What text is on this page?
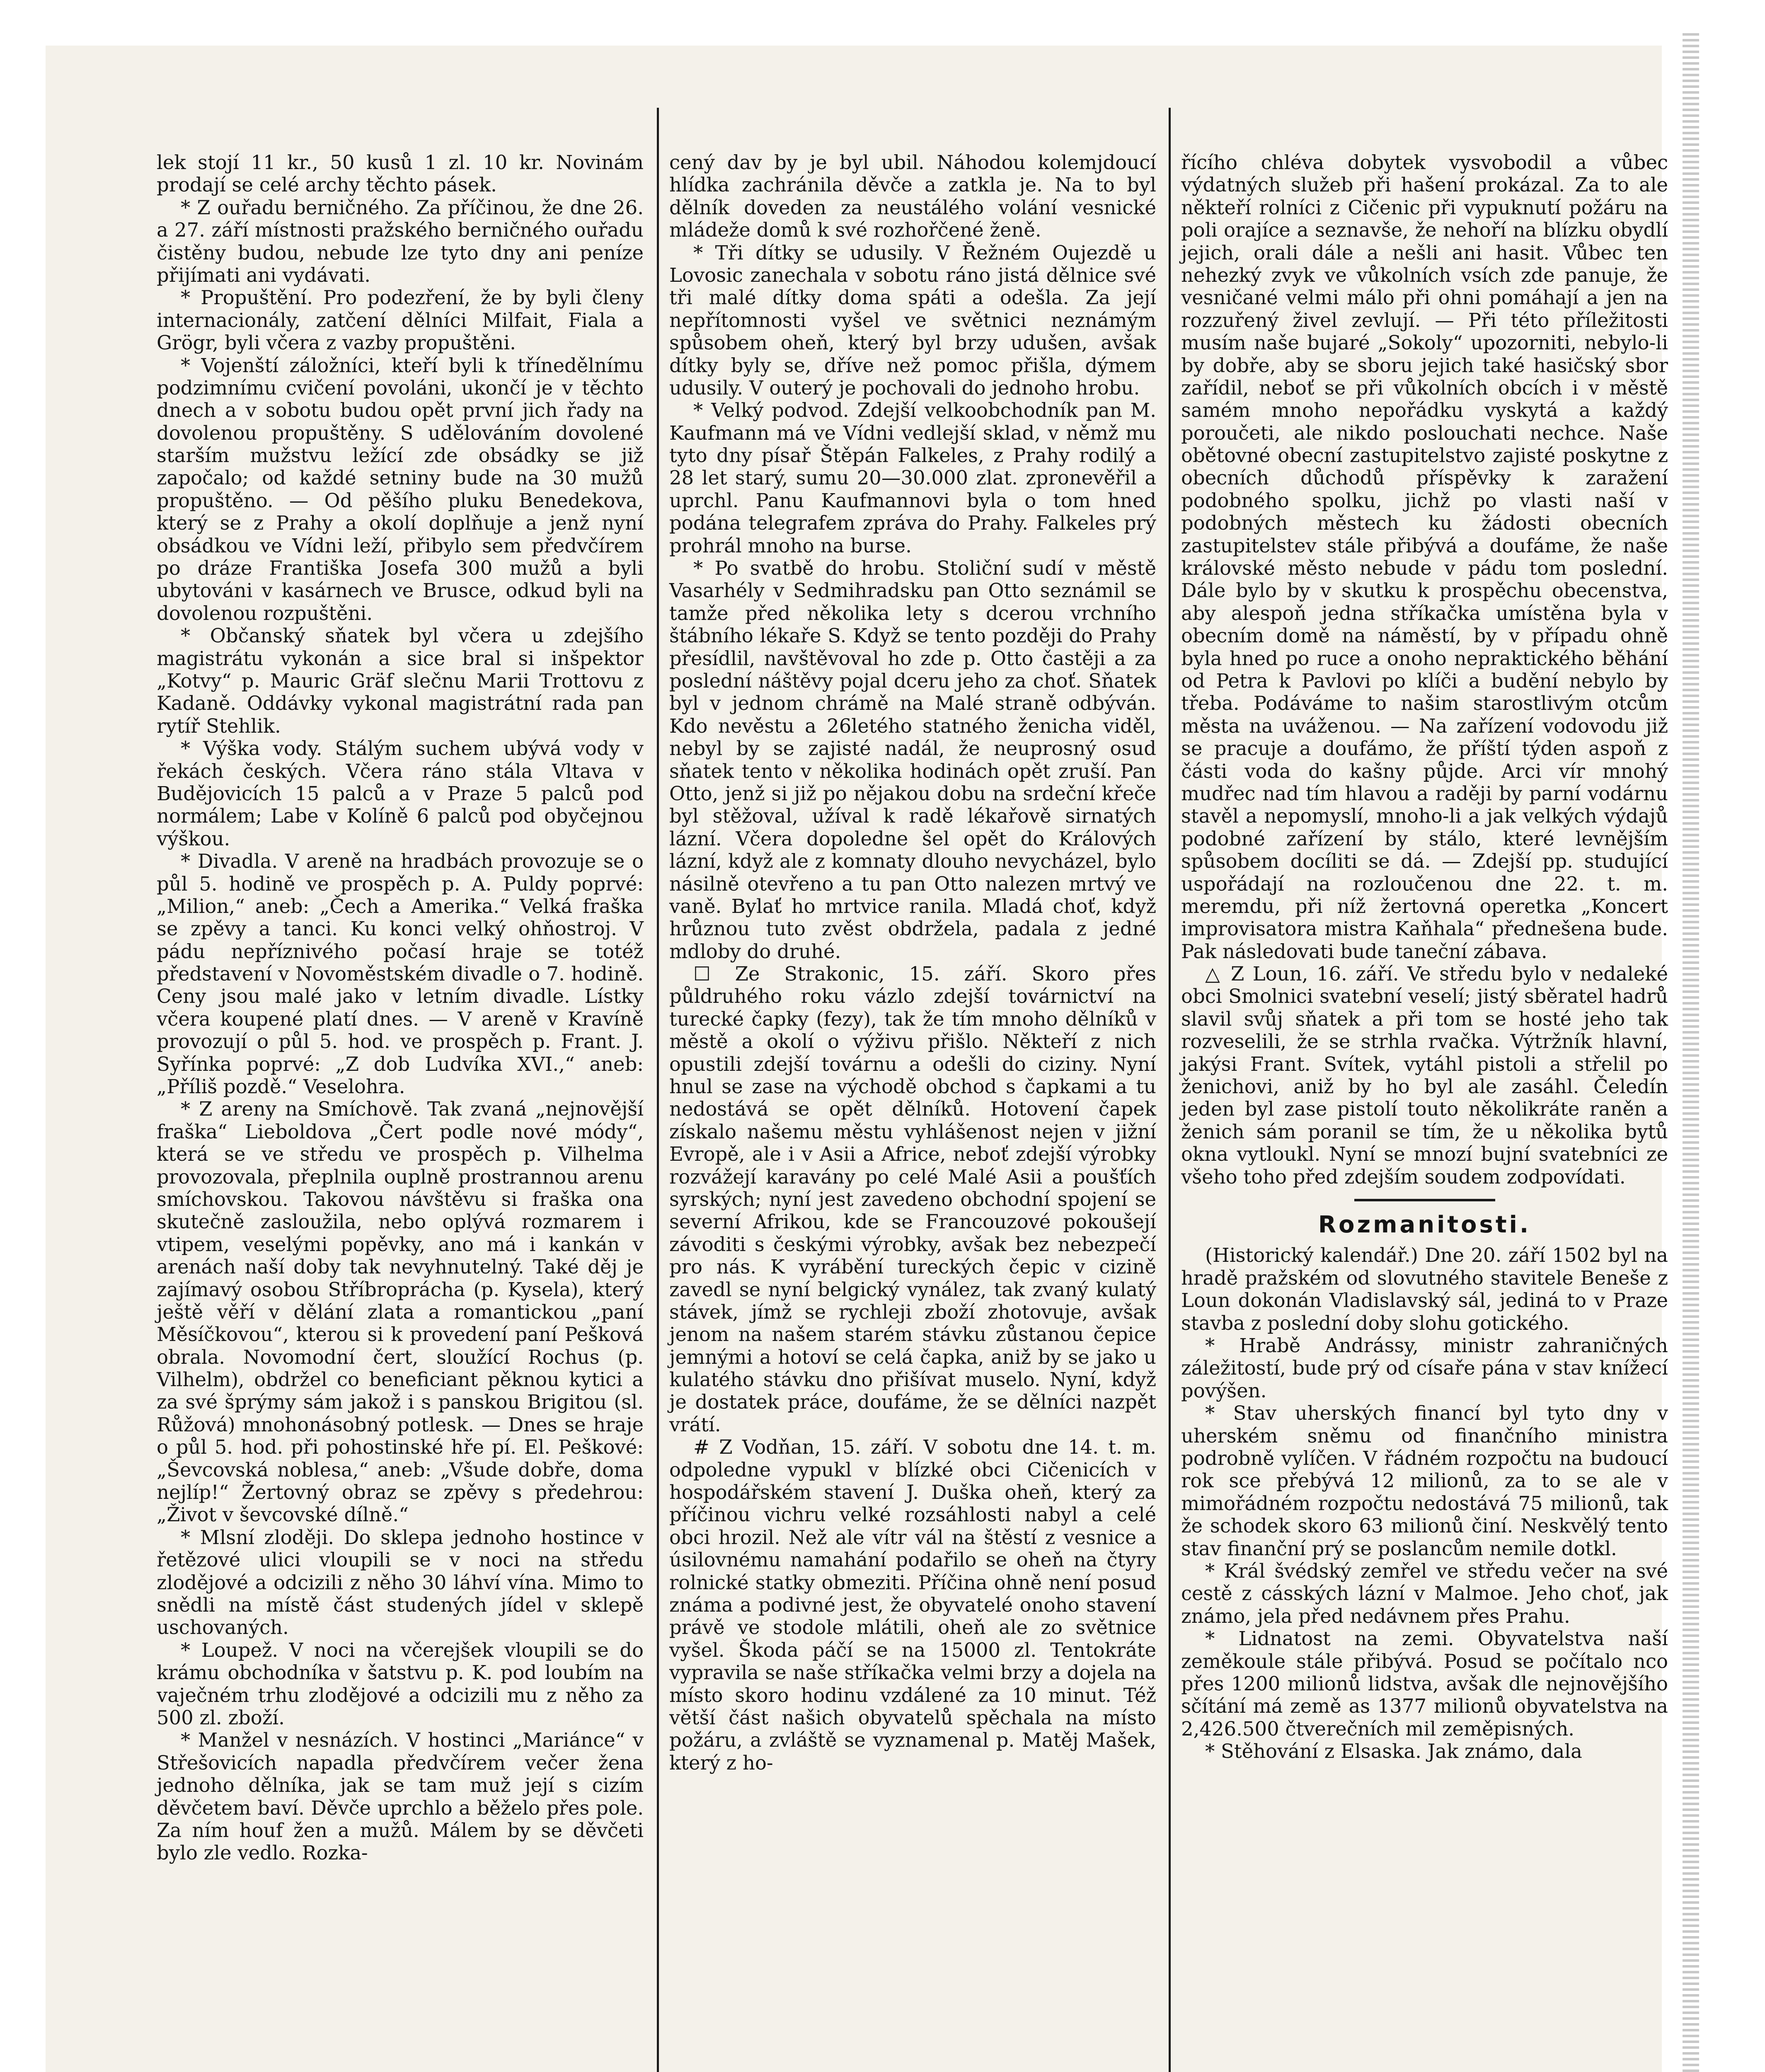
lek stojí 11 kr., 50 kusů 1 zl. 10 kr. Novinám prodají se celé archy těchto pásek.

* Z ouřadu berničného. Za příčinou, že dne 26. a 27. září místnosti pražského berničného ouřadu čistěny budou, nebude lze tyto dny ani peníze přijímati ani vydávati.

* Propuštění. Pro podezření, že by byli členy internacionály, zatčení dělníci Milfait, Fiala a Grögr, byli včera z vazby propuštěni.

* Vojenští záložníci, kteří byli k třínedělnímu podzimnímu cvičení povoláni, ukončí je v těchto dnech a v sobotu budou opět první jich řady na dovolenou propuštěny. S udělováním dovolené starším mužstvu ležící zde obsádky se již započalo; od každé setniny bude na 30 mužů propuštěno. — Od pěšího pluku Benedekova, který se z Prahy a okolí doplňuje a jenž nyní obsádkou ve Vídni leží, přibylo sem předvčírem po dráze Františka Josefa 300 mužů a byli ubytováni v kasárnech ve Brusce, odkud byli na dovolenou rozpuštěni.

* Občanský sňatek byl včera u zdejšího magistrátu vykonán a sice bral si inšpektor „Kotvy“ p. Mauric Gräf slečnu Marii Trottovu z Kadaně. Oddávky vykonal magistrátní rada pan rytíř Stehlik.

* Výška vody. Stálým suchem ubývá vody v řekách českých. Včera ráno stála Vltava v Budějovicích 15 palců a v Praze 5 palců pod normálem; Labe v Kolíně 6 palců pod obyčejnou výškou.

* Divadla. V areně na hradbách provozuje se o půl 5. hodině ve prospěch p. A. Puldy poprvé: „Milion,“ aneb: „Čech a Amerika.“ Velká fraška se zpěvy a tanci. Ku konci velký ohňostroj. V pádu nepříznivého počasí hraje se totéž představení v Novoměstském divadle o 7. hodině. Ceny jsou malé jako v letním divadle. Lístky včera koupené platí dnes. — V areně v Kravíně provozují o půl 5. hod. ve prospěch p. Frant. J. Syřínka poprvé: „Z dob Ludvíka XVI.,“ aneb: „Příliš pozdě.“ Veselohra.

* Z areny na Smíchově. Tak zvaná „nejnovější fraška“ Lieboldova „Čert podle nové módy“, která se ve středu ve prospěch p. Vilhelma provozovala, přeplnila ouplně prostrannou arenu smíchovskou. Takovou návštěvu si fraška ona skutečně zasloužila, nebo oplývá rozmarem i vtipem, veselými popěvky, ano má i kankán v arenách naší doby tak nevyhnutelný. Také děj je zajímavý osobou Stříbroprácha (p. Kysela), který ještě věří v dělání zlata a romantickou „paní Měsíčkovou“, kterou si k provedení paní Pešková obrala. Novomodní čert, sloužící Rochus (p. Vilhelm), obdržel co beneficiant pěknou kytici a za své šprýmy sám jakož i s panskou Brigitou (sl. Růžová) mnohonásobný potlesk. — Dnes se hraje o půl 5. hod. při pohostinské hře pí. El. Peškové: „Ševcovská noblesa,“ aneb: „Všude dobře, doma nejlíp!“ Žertovný obraz se zpěvy s předehrou: „Život v ševcovské dílně.“

* Mlsní zloději. Do sklepa jednoho hostince v řetězové ulici vloupili se v noci na středu zlodějové a odcizili z něho 30 láhví vína. Mimo to snědli na místě část studených jídel v sklepě uschovaných.

* Loupež. V noci na včerejšek vloupili se do krámu obchodníka v šatstvu p. K. pod loubím na vaječném trhu zlodějové a odcizili mu z něho za 500 zl. zboží.

* Manžel v nesnázích. V hostinci „Mariánce“ v Střešovicích napadla předvčírem večer žena jednoho dělníka, jak se tam muž její s cizím děvčetem baví. Děvče uprchlo a běželo přes pole. Za ním houf žen a mužů. Málem by se děvčeti bylo zle vedlo. Rozka-

cený dav by je byl ubil. Náhodou kolemjdoucí hlídka zachránila děvče a zatkla je. Na to byl dělník doveden za neustálého volání vesnické mládeže domů k své rozhořčené ženě.

* Tři dítky se udusily. V Řežném Oujezdě u Lovosic zanechala v sobotu ráno jistá dělnice své tři malé dítky doma spáti a odešla. Za její nepřítomnosti vyšel ve světnici neznámým spůsobem oheň, který byl brzy udušen, avšak dítky byly se, dříve než pomoc přišla, dýmem udusily. V outerý je pochovali do jednoho hrobu.

* Velký podvod. Zdejší velkoobchodník pan M. Kaufmann má ve Vídni vedlejší sklad, v němž mu tyto dny písař Štěpán Falkeles, z Prahy rodilý a 28 let starý, sumu 20—30.000 zlat. zpronevěřil a uprchl. Panu Kaufmannovi byla o tom hned podána telegrafem zpráva do Prahy. Falkeles prý prohrál mnoho na burse.

* Po svatbě do hrobu. Stoliční sudí v městě Vasarhély v Sedmihradsku pan Otto seznámil se tamže před několika lety s dcerou vrchního štábního lékaře S. Když se tento později do Prahy přesídlil, navštěvoval ho zde p. Otto častěji a za poslední náštěvy pojal dceru jeho za choť. Sňatek byl v jednom chrámě na Malé straně odbýván. Kdo nevěstu a 26letého statného ženicha viděl, nebyl by se zajisté nadál, že neuprosný osud sňatek tento v několika hodinách opět zruší. Pan Otto, jenž si již po nějakou dobu na srdeční křeče byl stěžoval, užíval k radě lékařově sirnatých lázní. Včera dopoledne šel opět do Králových lázní, když ale z komnaty dlouho nevycházel, bylo násilně otevřeno a tu pan Otto nalezen mrtvý ve vaně. Bylať ho mrtvice ranila. Mladá choť, když hrůznou tuto zvěst obdržela, padala z jedné mdloby do druhé.

☐ Ze Strakonic, 15. září. Skoro přes půldruhého roku vázlo zdejší továrnictví na turecké čapky (fezy), tak že tím mnoho dělníků v městě a okolí o výživu přišlo. Někteří z nich opustili zdejší továrnu a odešli do ciziny. Nyní hnul se zase na východě obchod s čapkami a tu nedostává se opět dělníků. Hotovení čapek získalo našemu městu vyhlášenost nejen v jižní Evropě, ale i v Asii a Africe, neboť zdejší výrobky rozvážejí karavány po celé Malé Asii a poušťích syrských; nyní jest zavedeno obchodní spojení se severní Afrikou, kde se Francouzové pokoušejí závoditi s českými výrobky, avšak bez nebezpečí pro nás. K vyrábění tureckých čepic v cizině zavedl se nyní belgický vynález, tak zvaný kulatý stávek, jímž se rychleji zboží zhotovuje, avšak jenom na našem starém stávku zůstanou čepice jemnými a hotoví se celá čapka, aniž by se jako u kulatého stávku dno přišívat muselo. Nyní, když je dostatek práce, doufáme, že se dělníci nazpět vrátí.

# Z Vodňan, 15. září. V sobotu dne 14. t. m. odpoledne vypukl v blízké obci Cičenicích v hospodářském stavení J. Duška oheň, který za příčinou vichru velké rozsáhlosti nabyl a celé obci hrozil. Než ale vítr vál na štěstí z vesnice a úsilovnému namahání podařilo se oheň na čtyry rolnické statky obmeziti. Příčina ohně není posud známa a podivné jest, že obyvatelé onoho stavení právě ve stodole mlátili, oheň ale zo světnice vyšel. Škoda páčí se na 15000 zl. Tentokráte vypravila se naše stříkačka velmi brzy a dojela na místo skoro hodinu vzdálené za 10 minut. Též větší část našich obyvatelů spěchala na místo požáru, a zvláště se vyznamenal p. Matěj Mašek, který z ho-

řícího chléva dobytek vysvobodil a vůbec výdatných služeb při hašení prokázal. Za to ale někteří rolníci z Cičenic při vypuknutí požáru na poli orajíce a seznavše, že nehoří na blízku obydlí jejich, orali dále a nešli ani hasit. Vůbec ten nehezký zvyk ve vůkolních vsích zde panuje, že vesničané velmi málo při ohni pomáhají a jen na rozzuřený živel zevlují. — Při této příležitosti musím naše bujaré „Sokoly“ upozorniti, nebylo-li by dobře, aby se sboru jejich také hasičský sbor zařídil, neboť se při vůkolních obcích i v městě samém mnoho nepořádku vyskytá a každý poroučeti, ale nikdo poslouchati nechce. Naše obětovné obecní zastupitelstvo zajisté poskytne z obecních důchodů příspěvky k zaražení podobného spolku, jichž po vlasti naší v podobných městech ku žádosti obecních zastupitelstev stále přibývá a doufáme, že naše královské město nebude v pádu tom poslední. Dále bylo by v skutku k prospěchu obecenstva, aby alespoň jedna stříkačka umístěna byla v obecním domě na náměstí, by v případu ohně byla hned po ruce a onoho nepraktického běhání od Petra k Pavlovi po klíči a budění nebylo by třeba. Podáváme to našim starostlivým otcům města na uváženou. — Na zařízení vodovodu již se pracuje a doufámo, že příští týden aspoň z části voda do kašny půjde. Arci vír mnohý mudřec nad tím hlavou a raději by parní vodárnu stavěl a nepomyslí, mnoho-li a jak velkých výdajů podobné zařízení by stálo, které levnějším spůsobem docíliti se dá. — Zdejší pp. studující uspořádají na rozloučenou dne 22. t. m. meremdu, při níž žertovná operetka „Koncert improvisatora mistra Kaňhala“ přednešena bude. Pak následovati bude taneční zábava.

△ Z Loun, 16. září. Ve středu bylo v nedaleké obci Smolnici svatební veselí; jistý sběratel hadrů slavil svůj sňatek a při tom se hosté jeho tak rozveselili, že se strhla rvačka. Výtržník hlavní, jakýsi Frant. Svítek, vytáhl pistoli a střelil po ženichovi, aniž by ho byl ale zasáhl. Čeledín jeden byl zase pistolí touto několikráte raněn a ženich sám poranil se tím, že u několika bytů okna vytloukl. Nyní se mnozí bujní svatebníci ze všeho toho před zdejším soudem zodpovídati.

Rozmanitosti.

(Historický kalendář.) Dne 20. září 1502 byl na hradě pražském od slovutného stavitele Beneše z Loun dokonán Vladislavský sál, jediná to v Praze stavba z poslední doby slohu gotického.

* Hrabě Andrássy, ministr zahraničných záležitostí, bude prý od císaře pána v stav knížecí povýšen.

* Stav uherských financí byl tyto dny v uherském sněmu od finančního ministra podrobně vylíčen. V řádném rozpočtu na budoucí rok sce přebývá 12 milionů, za to se ale v mimořádném rozpočtu nedostává 75 milionů, tak že schodek skoro 63 milionů činí. Neskvělý tento stav finanční prý se poslancům nemile dotkl.

* Král švédský zemřel ve středu večer na své cestě z cásských lázní v Malmoe. Jeho choť, jak známo, jela před nedávnem přes Prahu.

* Lidnatost na zemi. Obyvatelstva naší zeměkoule stále přibývá. Posud se počítalo nco přes 1200 milionů lidstva, avšak dle nejnovějšího sčítání má země as 1377 milionů obyvatelstva na 2,426.500 čtverečních mil zeměpisných.

* Stěhování z Elsaska. Jak známo, dala
